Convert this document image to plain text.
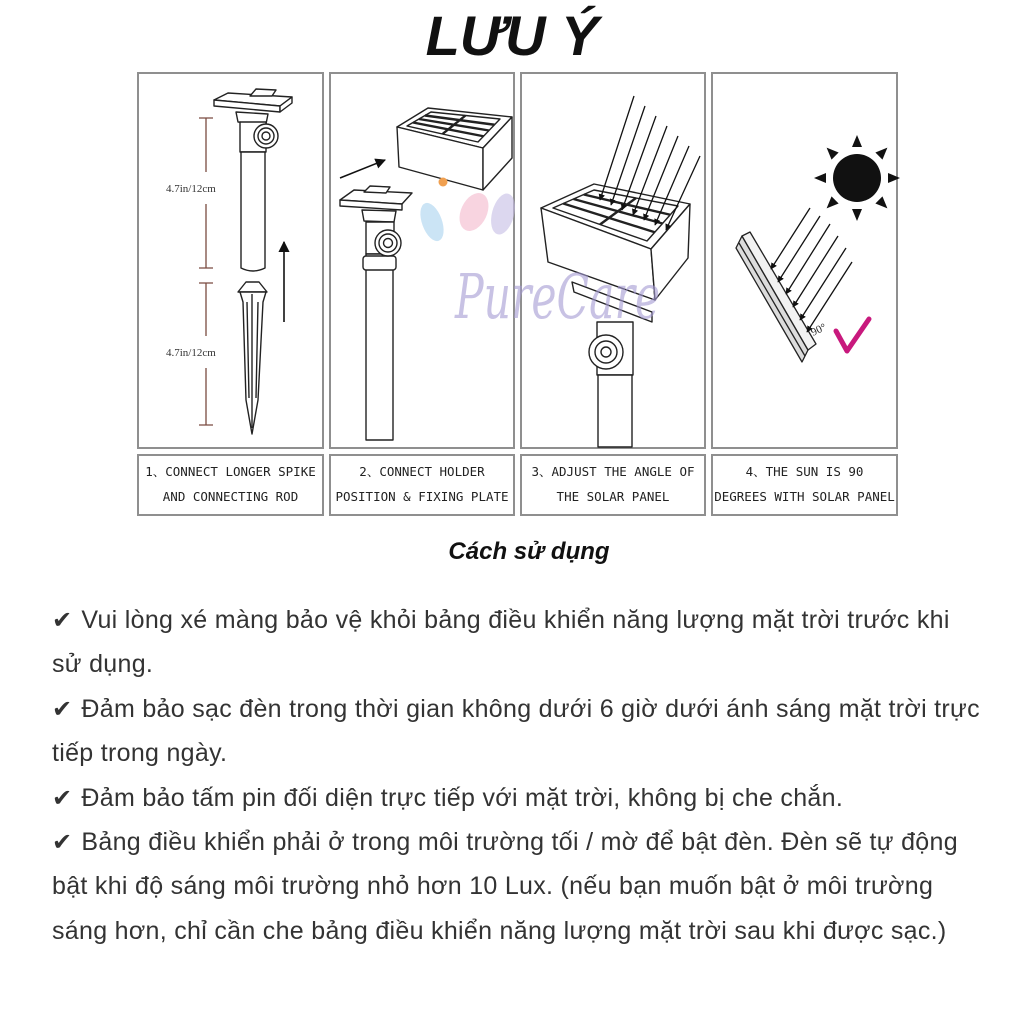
4.7in/12cm
4.7in/12cm
90°
PureCare
1、CONNECT LONGER SPIKE
AND CONNECTING ROD
2、CONNECT HOLDER
POSITION & FIXING PLATE
3、ADJUST THE ANGLE OF
THE SOLAR PANEL
4、THE SUN IS 90
DEGREES WITH SOLAR PANEL
LƯU Ý
Cách sử dụng
✔ Vui lòng xé màng bảo vệ khỏi bảng điều khiển năng lượng mặt trời trước khi
sử dụng.
✔ Đảm bảo sạc đèn trong thời gian không dưới 6 giờ dưới ánh sáng mặt trời trực
tiếp trong ngày.
✔ Đảm bảo tấm pin đối diện trực tiếp với mặt trời, không bị che chắn.
✔ Bảng điều khiển phải ở trong môi trường tối / mờ để bật đèn. Đèn sẽ tự động
bật khi độ sáng môi trường nhỏ hơn 10 Lux. (nếu bạn muốn bật ở môi trường
sáng hơn, chỉ cần che bảng điều khiển năng lượng mặt trời sau khi được sạc.)
